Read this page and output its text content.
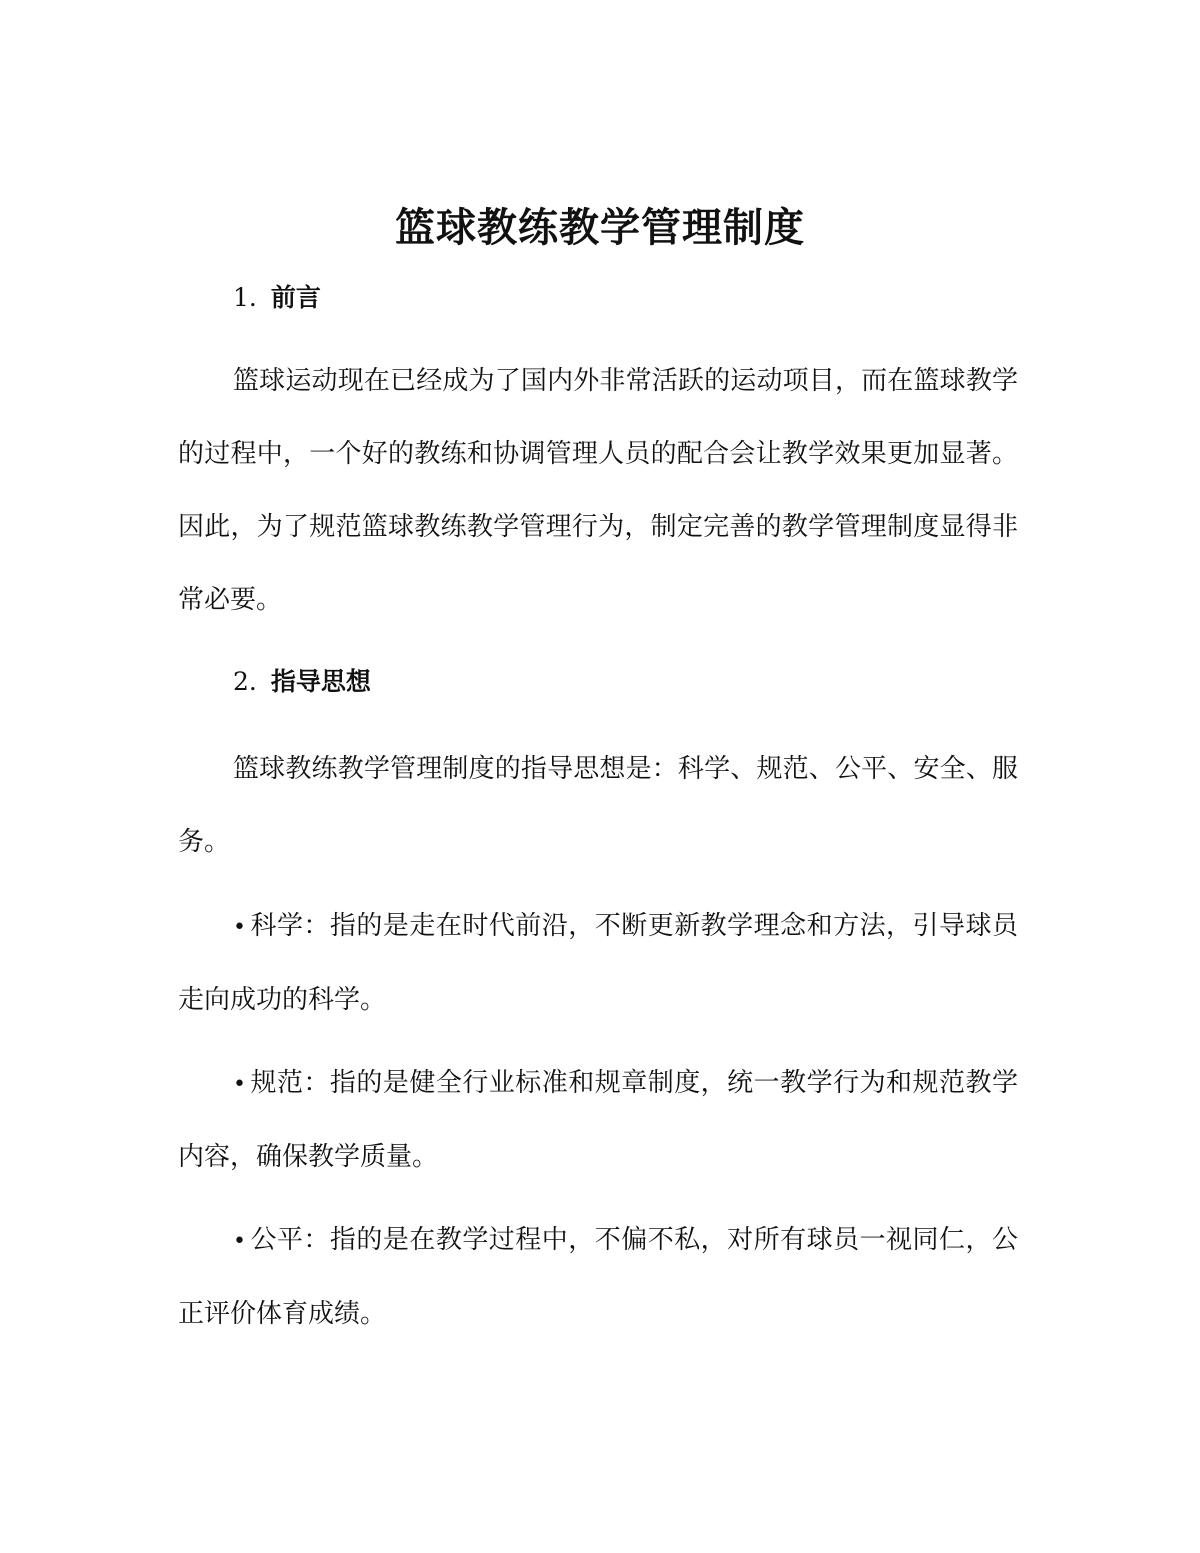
篮球教练教学管理制度
1. 前言

篮球运动现在已经成为了国内外非常活跃的运动项目，而在篮球教学的过程中，一个好的教练和协调管理人员的配合会让教学效果更加显著。因此，为了规范篮球教练教学管理行为，制定完善的教学管理制度显得非常必要。

2. 指导思想

篮球教练教学管理制度的指导思想是：科学、规范、公平、安全、服务。

• 科学：指的是走在时代前沿，不断更新教学理念和方法，引导球员走向成功的科学。

• 规范：指的是健全行业标准和规章制度，统一教学行为和规范教学内容，确保教学质量。

• 公平：指的是在教学过程中，不偏不私，对所有球员一视同仁，公正评价体育成绩。
